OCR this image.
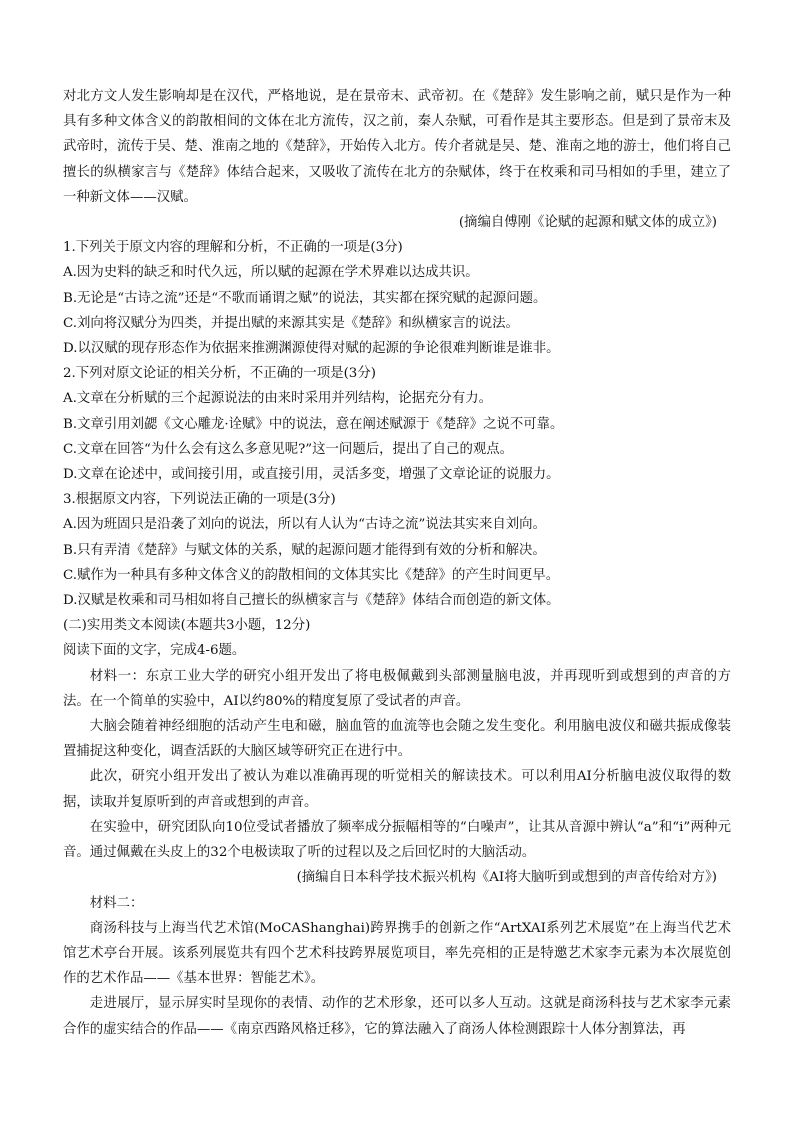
对北方文人发生影响却是在汉代，严格地说，是在景帝末、武帝初。在《楚辞》发生影响之前，赋只是作为一种具有多种文体含义的韵散相间的文体在北方流传，汉之前，秦人杂赋，可看作是其主要形态。但是到了景帝末及武帝时，流传于吴、楚、淮南之地的《楚辞》，开始传入北方。传介者就是吴、楚、淮南之地的游士，他们将自己擅长的纵横家言与《楚辞》体结合起来，又吸收了流传在北方的杂赋体，终于在枚乘和司马相如的手里，建立了一种新文体——汉赋。

(摘编自傅刚《论赋的起源和赋文体的成立》)

1.下列关于原文内容的理解和分析，不正确的一项是(3分)

A.因为史料的缺乏和时代久远，所以赋的起源在学术界难以达成共识。

B.无论是“古诗之流”还是“不歌而诵谓之赋”的说法，其实都在探究赋的起源问题。

C.刘向将汉赋分为四类，并提出赋的来源其实是《楚辞》和纵横家言的说法。

D.以汉赋的现存形态作为依据来推溯渊源使得对赋的起源的争论很难判断谁是谁非。

2.下列对原文论证的相关分析，不正确的一项是(3分)

A.文章在分析赋的三个起源说法的由来时采用并列结构，论据充分有力。

B.文章引用刘勰《文心雕龙·诠赋》中的说法，意在阐述赋源于《楚辞》之说不可靠。

C.文章在回答“为什么会有这么多意见呢?”这一问题后，提出了自己的观点。

D.文章在论述中，或间接引用，或直接引用，灵活多变，增强了文章论证的说服力。

3.根据原文内容，下列说法正确的一项是(3分)

A.因为班固只是沿袭了刘向的说法，所以有人认为“古诗之流”说法其实来自刘向。

B.只有弄清《楚辞》与赋文体的关系，赋的起源问题才能得到有效的分析和解决。

C.赋作为一种具有多种文体含义的韵散相间的文体其实比《楚辞》的产生时间更早。

D.汉赋是枚乘和司马相如将自己擅长的纵横家言与《楚辞》体结合而创造的新文体。

(二)实用类文本阅读(本题共3小题，12分)

阅读下面的文字，完成4-6题。

材料一：东京工业大学的研究小组开发出了将电极佩戴到头部测量脑电波，并再现听到或想到的声音的方法。在一个简单的实验中，AI以约80%的精度复原了受试者的声音。

大脑会随着神经细胞的活动产生电和磁，脑血管的血流等也会随之发生变化。利用脑电波仪和磁共振成像装置捕捉这种变化，调查活跃的大脑区域等研究正在进行中。

此次，研究小组开发出了被认为难以准确再现的听觉相关的解读技术。可以利用AI分析脑电波仪取得的数据，读取并复原听到的声音或想到的声音。

在实验中，研究团队向10位受试者播放了频率成分振幅相等的“白噪声”，让其从音源中辨认“a”和“i”两种元音。通过佩戴在头皮上的32个电极读取了听的过程以及之后回忆时的大脑活动。

(摘编自日本科学技术振兴机构《AI将大脑听到或想到的声音传给对方》)

材料二：

商汤科技与上海当代艺术馆(MoCAShanghai)跨界携手的创新之作“ArtXAI系列艺术展览”在上海当代艺术馆艺术亭台开展。该系列展览共有四个艺术科技跨界展览项目，率先亮相的正是特邀艺术家李元素为本次展览创作的艺术作品——《基本世界：智能艺术》。

走进展厅，显示屏实时呈现你的表情、动作的艺术形象，还可以多人互动。这就是商汤科技与艺术家李元素合作的虚实结合的作品——《南京西路风格迁移》，它的算法融入了商汤人体检测跟踪十人体分割算法，再
